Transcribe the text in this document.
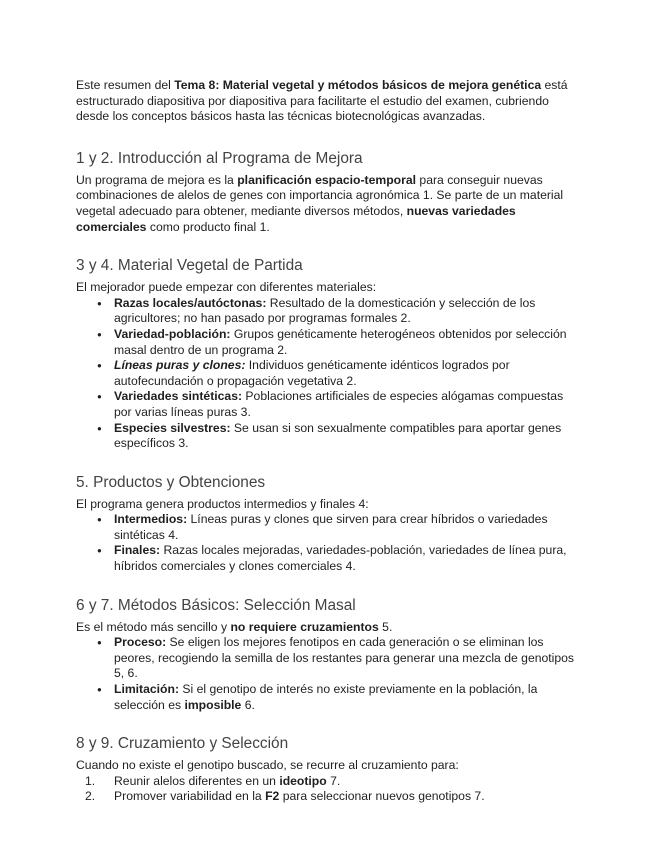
Este resumen del Tema 8: Material vegetal y métodos básicos de mejora genética está estructurado diapositiva por diapositiva para facilitarte el estudio del examen, cubriendo desde los conceptos básicos hasta las técnicas biotecnológicas avanzadas.

1 y 2. Introducción al Programa de Mejora

Un programa de mejora es la planificación espacio-temporal para conseguir nuevas combinaciones de alelos de genes con importancia agronómica 1. Se parte de un material vegetal adecuado para obtener, mediante diversos métodos, nuevas variedades comerciales como producto final 1.

3 y 4. Material Vegetal de Partida

El mejorador puede empezar con diferentes materiales:

● Razas locales/autóctonas: Resultado de la domesticación y selección de los agricultores; no han pasado por programas formales 2.
● Variedad-población: Grupos genéticamente heterogéneos obtenidos por selección masal dentro de un programa 2.
● Líneas puras y clones: Individuos genéticamente idénticos logrados por autofecundación o propagación vegetativa 2.
● Variedades sintéticas: Poblaciones artificiales de especies alógamas compuestas por varias líneas puras 3.
● Especies silvestres: Se usan si son sexualmente compatibles para aportar genes específicos 3.
5. Productos y Obtenciones

El programa genera productos intermedios y finales 4:

● Intermedios: Líneas puras y clones que sirven para crear híbridos o variedades sintéticas 4.
● Finales: Razas locales mejoradas, variedades-población, variedades de línea pura, híbridos comerciales y clones comerciales 4.
6 y 7. Métodos Básicos: Selección Masal

Es el método más sencillo y no requiere cruzamientos 5.

● Proceso: Se eligen los mejores fenotipos en cada generación o se eliminan los peores, recogiendo la semilla de los restantes para generar una mezcla de genotipos 5, 6.
● Limitación: Si el genotipo de interés no existe previamente en la población, la selección es imposible 6.
8 y 9. Cruzamiento y Selección

Cuando no existe el genotipo buscado, se recurre al cruzamiento para:

1. Reunir alelos diferentes en un ideotipo 7.
2. Promover variabilidad en la F2 para seleccionar nuevos genotipos 7.
